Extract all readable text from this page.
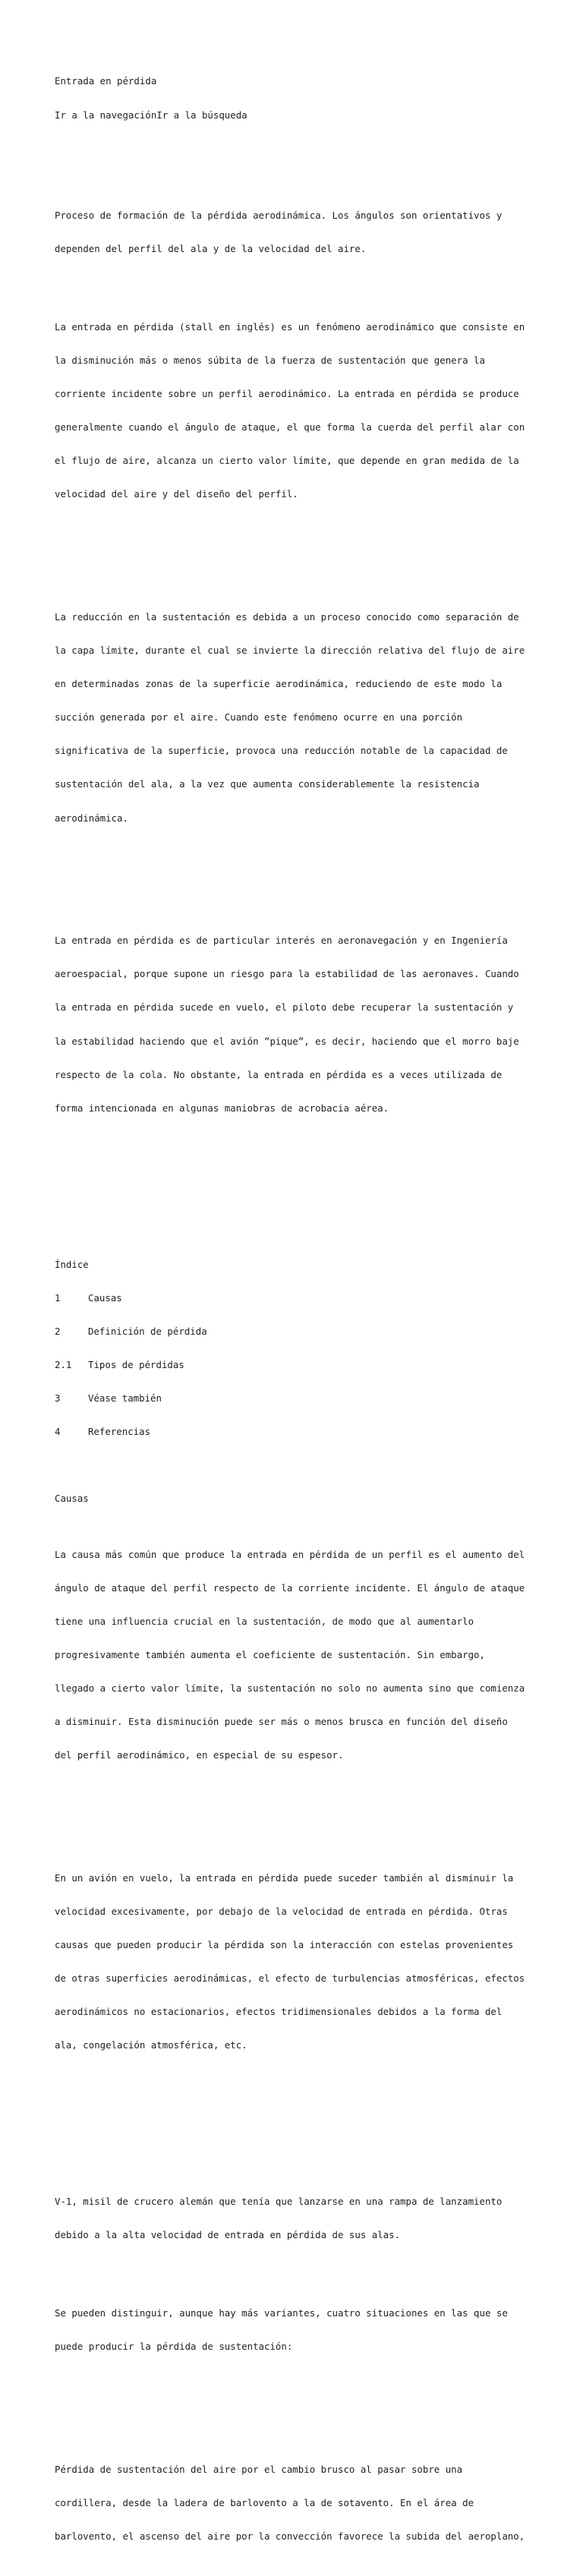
Entrada en pérdida

Ir a la navegaciónIr a la búsqueda

Proceso de formación de la pérdida aerodinámica. Los ángulos son orientativos y

dependen del perfil del ala y de la velocidad del aire.

La entrada en pérdida (stall en inglés) es un fenómeno aerodinámico que consiste en

la disminución más o menos súbita de la fuerza de sustentación que genera la

corriente incidente sobre un perfil aerodinámico. La entrada en pérdida se produce

generalmente cuando el ángulo de ataque, el que forma la cuerda del perfil alar con

el flujo de aire, alcanza un cierto valor límite, que depende en gran medida de la

velocidad del aire y del diseño del perfil.

La reducción en la sustentación es debida a un proceso conocido como separación de

la capa límite, durante el cual se invierte la dirección relativa del flujo de aire

en determinadas zonas de la superficie aerodinámica, reduciendo de este modo la

succión generada por el aire. Cuando este fenómeno ocurre en una porción

significativa de la superficie, provoca una reducción notable de la capacidad de

sustentación del ala, a la vez que aumenta considerablemente la resistencia

aerodinámica.

La entrada en pérdida es de particular interés en aeronavegación y en Ingeniería

aeroespacial, porque supone un riesgo para la estabilidad de las aeronaves. Cuando

la entrada en pérdida sucede en vuelo, el piloto debe recuperar la sustentación y

la estabilidad haciendo que el avión ”pique”, es decir, haciendo que el morro baje

respecto de la cola. No obstante, la entrada en pérdida es a veces utilizada de

forma intencionada en algunas maniobras de acrobacia aérea.

Índice

1	Causas

2	Definición de pérdida

2.1 Tipos de pérdidas

3	Véase también

4	Referencias

Causas

La causa más común que produce la entrada en pérdida de un perfil es el aumento del

ángulo de ataque del perfil respecto de la corriente incidente. El ángulo de ataque

tiene una influencia crucial en la sustentación, de modo que al aumentarlo

progresivamente también aumenta el coeficiente de sustentación. Sin embargo,

llegado a cierto valor límite, la sustentación no solo no aumenta sino que comienza

a disminuir. Esta disminución puede ser más o menos brusca en función del diseño

del perfil aerodinámico, en especial de su espesor.

En un avión en vuelo, la entrada en pérdida puede suceder también al disminuir la

velocidad excesivamente, por debajo de la velocidad de entrada en pérdida. Otras

causas que pueden producir la pérdida son la interacción con estelas provenientes

de otras superficies aerodinámicas, el efecto de turbulencias atmosféricas, efectos

aerodinámicos no estacionarios, efectos tridimensionales debidos a la forma del

ala, congelación atmosférica, etc.

V-1, misil de crucero alemán que tenía que lanzarse en una rampa de lanzamiento

debido a la alta velocidad de entrada en pérdida de sus alas.

Se pueden distinguir, aunque hay más variantes, cuatro situaciones en las que se

puede producir la pérdida de sustentación:

Pérdida de sustentación del aire por el cambio brusco al pasar sobre una

cordillera, desde la ladera de barlovento a la de sotavento. En el área de

barlovento, el ascenso del aire por la convección favorece la subida del aeroplano,
